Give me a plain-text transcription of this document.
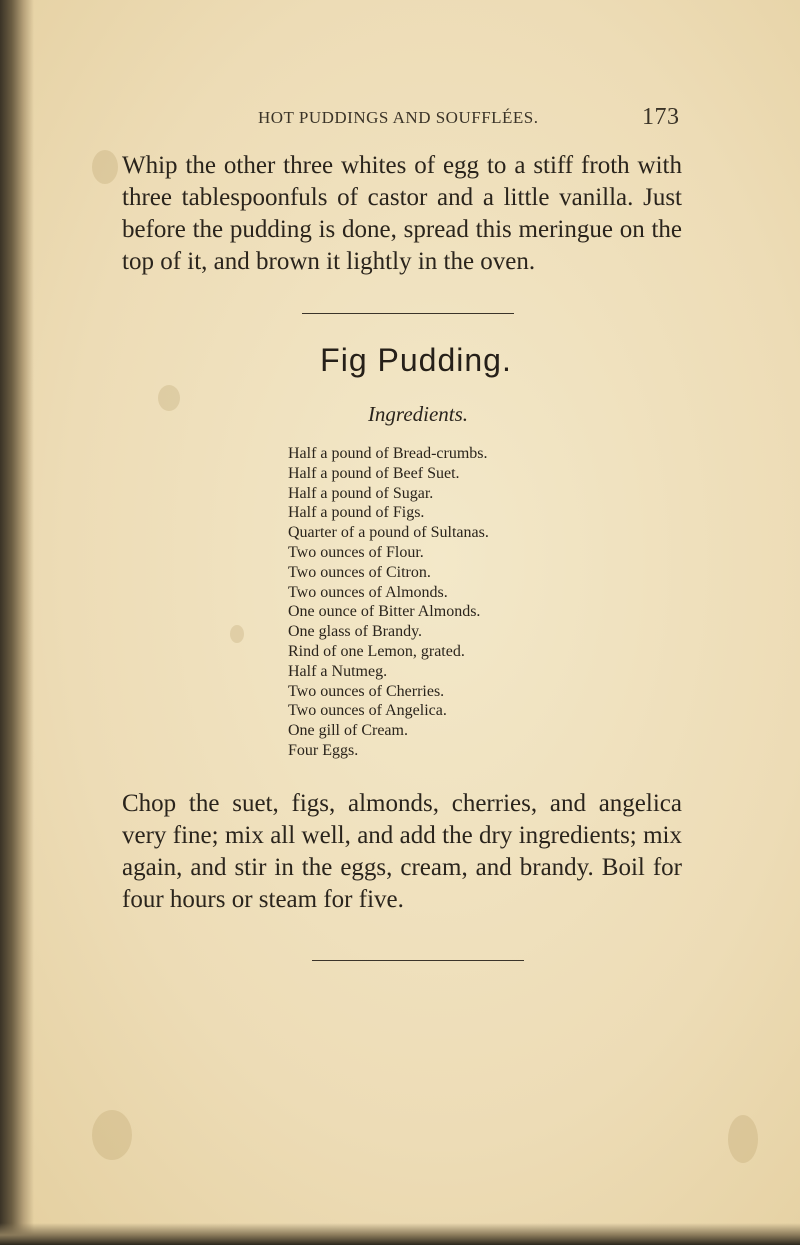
HOT PUDDINGS AND SOUFFLÉES.	173

Whip the other three whites of egg to a stiff froth with three tablespoonfuls of castor and a little vanilla. Just before the pudding is done, spread this meringue on the top of it, and brown it lightly in the oven.

Fig Pudding.
Ingredients.
Half a pound of Bread-crumbs.
Half a pound of Beef Suet.
Half a pound of Sugar.
Half a pound of Figs.
Quarter of a pound of Sultanas.
Two ounces of Flour.
Two ounces of Citron.
Two ounces of Almonds.
One ounce of Bitter Almonds.
One glass of Brandy.
Rind of one Lemon, grated.
Half a Nutmeg.
Two ounces of Cherries.
Two ounces of Angelica.
One gill of Cream.
Four Eggs.

Chop the suet, figs, almonds, cherries, and angelica very fine; mix all well, and add the dry ingredients; mix again, and stir in the eggs, cream, and brandy. Boil for four hours or steam for five.
